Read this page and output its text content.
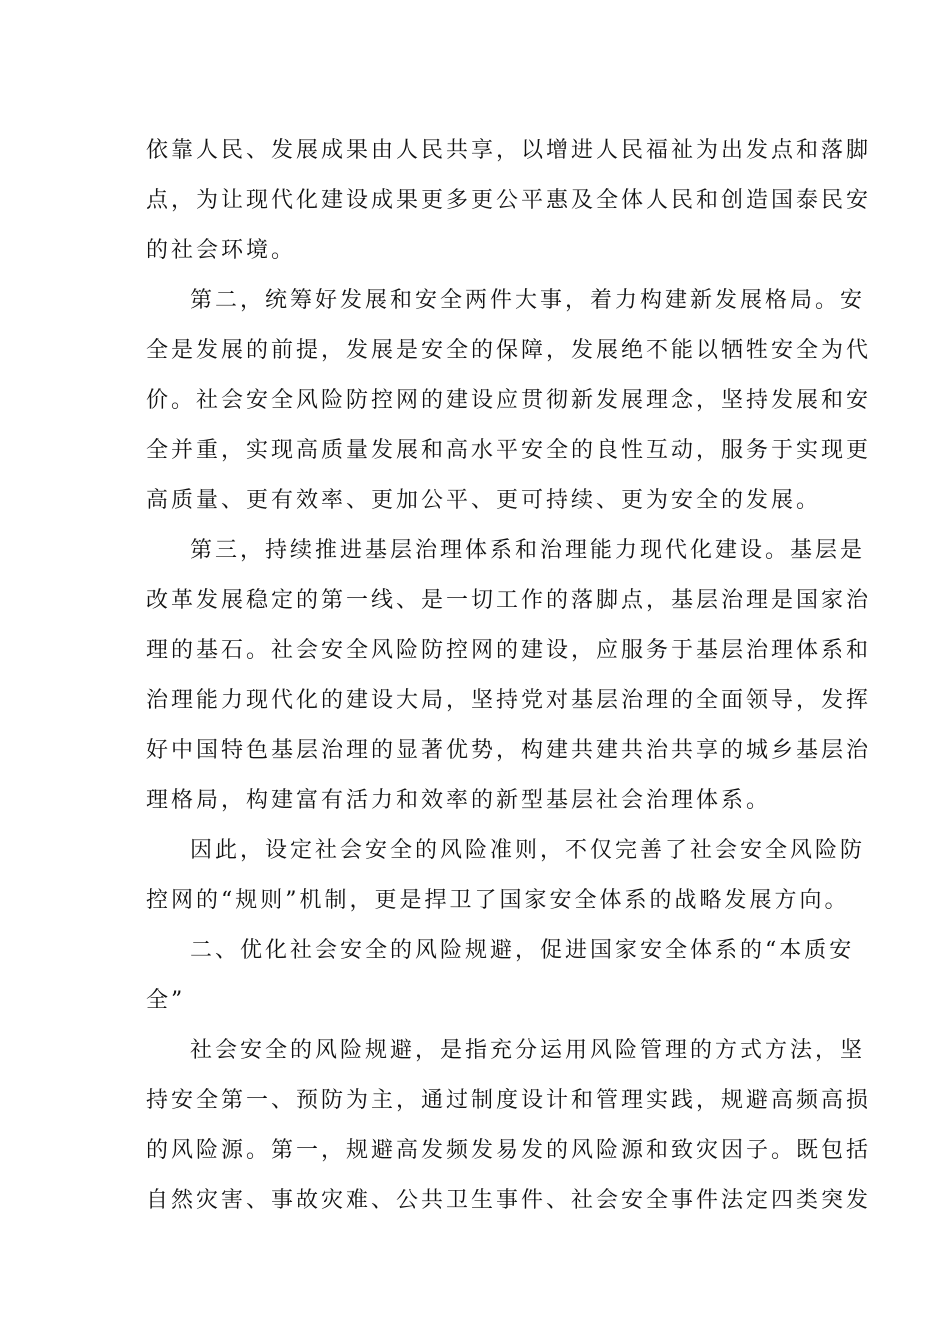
依靠人民、发展成果由人民共享，以增进人民福祉为出发点和落脚
点，为让现代化建设成果更多更公平惠及全体人民和创造国泰民安
的社会环境。

第二，统筹好发展和安全两件大事，着力构建新发展格局。安
全是发展的前提，发展是安全的保障，发展绝不能以牺牲安全为代
价。社会安全风险防控网的建设应贯彻新发展理念，坚持发展和安
全并重，实现高质量发展和高水平安全的良性互动，服务于实现更
高质量、更有效率、更加公平、更可持续、更为安全的发展。

第三，持续推进基层治理体系和治理能力现代化建设。基层是
改革发展稳定的第一线、是一切工作的落脚点，基层治理是国家治
理的基石。社会安全风险防控网的建设，应服务于基层治理体系和
治理能力现代化的建设大局，坚持党对基层治理的全面领导，发挥
好中国特色基层治理的显著优势，构建共建共治共享的城乡基层治
理格局，构建富有活力和效率的新型基层社会治理体系。

因此，设定社会安全的风险准则，不仅完善了社会安全风险防
控网的“规则”机制，更是捍卫了国家安全体系的战略发展方向。

二、优化社会安全的风险规避，促进国家安全体系的“本质安
全”

社会安全的风险规避，是指充分运用风险管理的方式方法，坚
持安全第一、预防为主，通过制度设计和管理实践，规避高频高损
的风险源。第一，规避高发频发易发的风险源和致灾因子。既包括
自然灾害、事故灾难、公共卫生事件、社会安全事件法定四类突发
